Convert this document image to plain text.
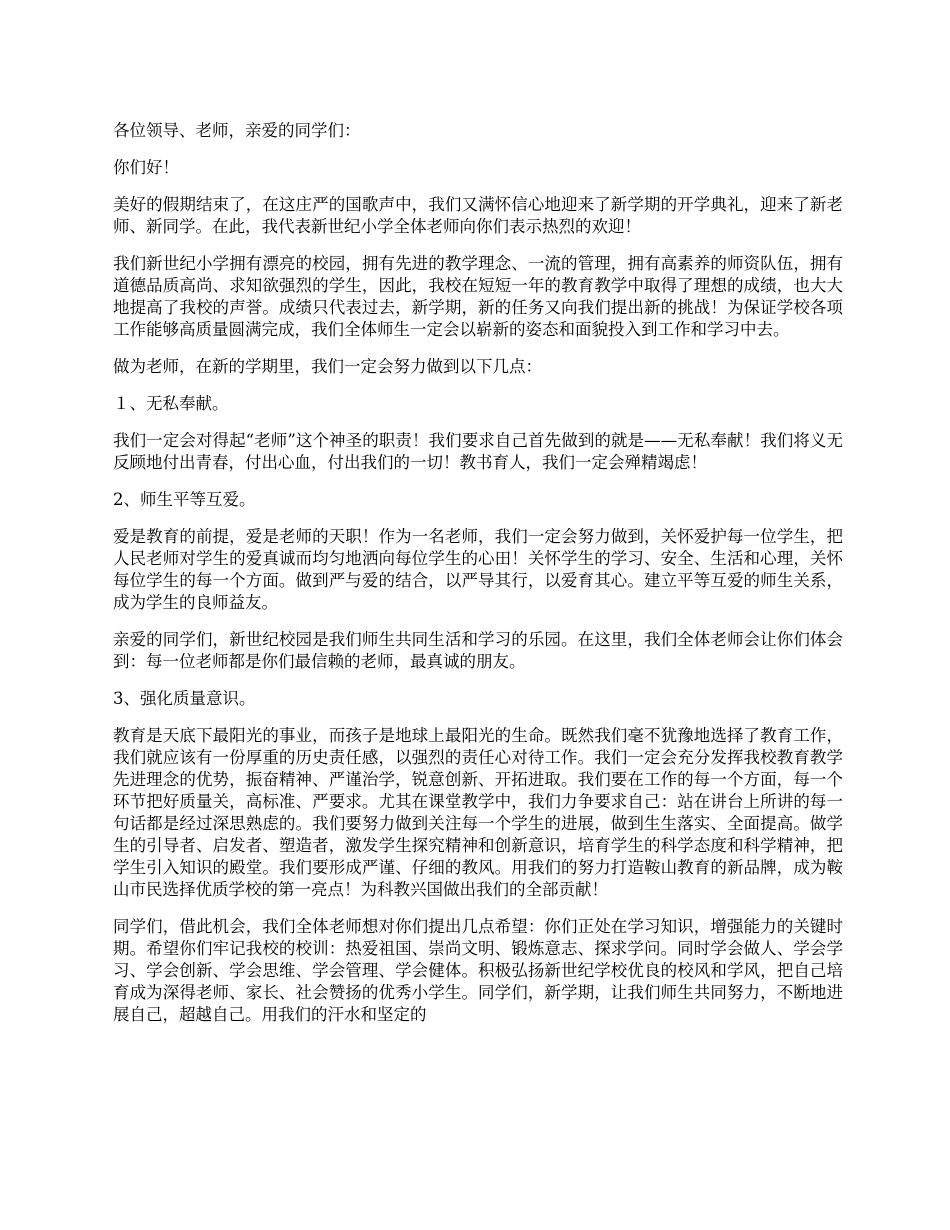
各位领导、老师，亲爱的同学们：

你们好！

美好的假期结束了，在这庄严的国歌声中，我们又满怀信心地迎来了新学期的开学典礼，迎来了新老师、新同学。在此，我代表新世纪小学全体老师向你们表示热烈的欢迎！

我们新世纪小学拥有漂亮的校园，拥有先进的教学理念、一流的管理，拥有高素养的师资队伍，拥有道德品质高尚、求知欲强烈的学生，因此，我校在短短一年的教育教学中取得了理想的成绩，也大大地提高了我校的声誉。成绩只代表过去，新学期，新的任务又向我们提出新的挑战！为保证学校各项工作能够高质量圆满完成，我们全体师生一定会以崭新的姿态和面貌投入到工作和学习中去。

做为老师，在新的学期里，我们一定会努力做到以下几点：

１、无私奉献。

我们一定会对得起“老师”这个神圣的职责！我们要求自己首先做到的就是——无私奉献！我们将义无反顾地付出青春，付出心血，付出我们的一切！教书育人，我们一定会殚精竭虑！

2、师生平等互爱。

爱是教育的前提，爱是老师的天职！作为一名老师，我们一定会努力做到，关怀爱护每一位学生，把人民老师对学生的爱真诚而均匀地洒向每位学生的心田！关怀学生的学习、安全、生活和心理，关怀每位学生的每一个方面。做到严与爱的结合，以严导其行，以爱育其心。建立平等互爱的师生关系，成为学生的良师益友。

亲爱的同学们，新世纪校园是我们师生共同生活和学习的乐园。在这里，我们全体老师会让你们体会到：每一位老师都是你们最信赖的老师，最真诚的朋友。

3、强化质量意识。

教育是天底下最阳光的事业，而孩子是地球上最阳光的生命。既然我们毫不犹豫地选择了教育工作，我们就应该有一份厚重的历史责任感，以强烈的责任心对待工作。我们一定会充分发挥我校教育教学先进理念的优势，振奋精神、严谨治学，锐意创新、开拓进取。我们要在工作的每一个方面，每一个环节把好质量关，高标准、严要求。尤其在课堂教学中，我们力争要求自己：站在讲台上所讲的每一句话都是经过深思熟虑的。我们要努力做到关注每一个学生的进展，做到生生落实、全面提高。做学生的引导者、启发者、塑造者，激发学生探究精神和创新意识，培育学生的科学态度和科学精神，把学生引入知识的殿堂。我们要形成严谨、仔细的教风。用我们的努力打造鞍山教育的新品牌，成为鞍山市民选择优质学校的第一亮点！为科教兴国做出我们的全部贡献！

同学们，借此机会，我们全体老师想对你们提出几点希望：你们正处在学习知识，增强能力的关键时期。希望你们牢记我校的校训：热爱祖国、崇尚文明、锻炼意志、探求学问。同时学会做人、学会学习、学会创新、学会思维、学会管理、学会健体。积极弘扬新世纪学校优良的校风和学风，把自己培育成为深得老师、家长、社会赞扬的优秀小学生。同学们，新学期，让我们师生共同努力，不断地进展自己，超越自己。用我们的汗水和坚定的
